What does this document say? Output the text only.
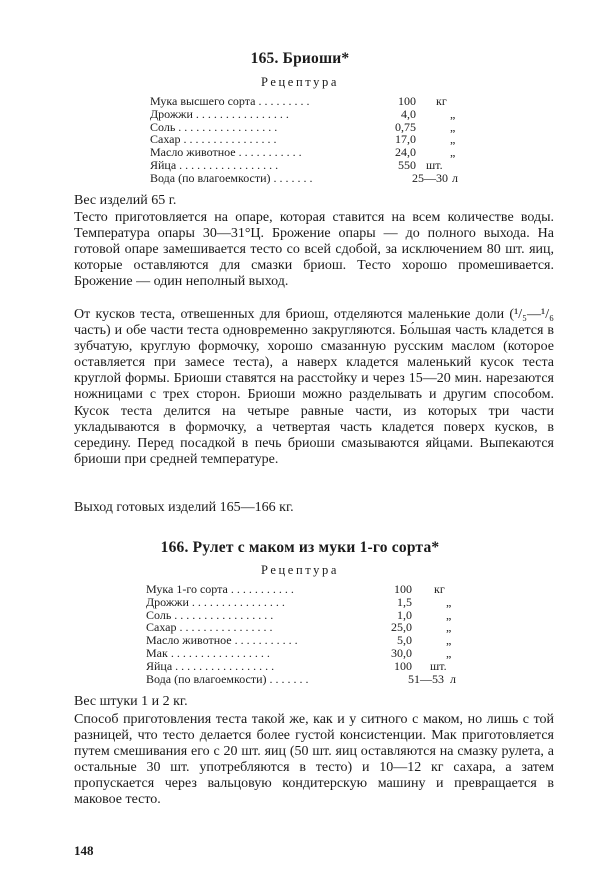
165. Бриоши*
Рецептура
Мука высшего сорта . . . . . . . . .	100 кг
Дрожжи . . . . . . . . . . . . . . . .	4,0	„
Соль . . . . . . . . . . . . . . . . .	0,75	„
Сахар . . . . . . . . . . . . . . . .	17,0	„
Масло животное . . . . . . . . . . .	24,0	„
Яйца . . . . . . . . . . . . . . . . .	550 шт.
Вода (по влагоемкости) . . . . . . .	25—30 л
Вес изделий 65 г.

Тесто приготовляется на опаре, которая ставится на всем количестве воды. Температура опары 30—31°Ц. Брожение опары — до полного выхода. На готовой опаре замешивается тесто со всей сдобой, за исключением 80 шт. яиц, которые оставляются для смазки бриош. Тесто хорошо промешивается. Брожение — один неполный выход.

От кусков теста, отвешенных для бриош, отделяются маленькие доли (¹/₅—¹/₆ часть) и обе части теста одновременно закругляются. Бо́льшая часть кладется в зубчатую, круглую формочку, хорошо смазанную русским маслом (которое оставляется при замесе теста), а наверх кладется маленький кусок теста круглой формы. Бриоши ставятся на расстойку и через 15—20 мин. нарезаются ножницами с трех сторон. Бриоши можно разделывать и другим способом. Кусок теста делится на четыре равные части, из которых три части укладываются в формочку, а четвертая часть кладется поверх кусков, в середину. Перед посадкой в печь бриоши смазываются яйцами. Выпекаются бриоши при средней температуре.

Выход готовых изделий 165—166 кг.
166. Рулет с маком из муки 1-го сорта*
Рецептура
Мука 1-го сорта . . . . . . . . . . .	100 кг
Дрожжи . . . . . . . . . . . . . . . .	1,5	„
Соль . . . . . . . . . . . . . . . . .	1,0	„
Сахар . . . . . . . . . . . . . . . .	25,0	„
Масло животное . . . . . . . . . . .	5,0	„
Мак . . . . . . . . . . . . . . . . .	30,0	„
Яйца . . . . . . . . . . . . . . . . .	100 шт.
Вода (по влагоемкости) . . . . . . .	51—53 л
Вес штуки 1 и 2 кг.

Способ приготовления теста такой же, как и у ситного с маком, но лишь с той разницей, что тесто делается более густой консистенции. Мак приготовляется путем смешивания его с 20 шт. яиц (50 шт. яиц оставляются на смазку рулета, а остальные 30 шт. употребляются в тесто) и 10—12 кг сахара, а затем пропускается через вальцовую кондитерскую машину и превращается в маковое тесто.

148
